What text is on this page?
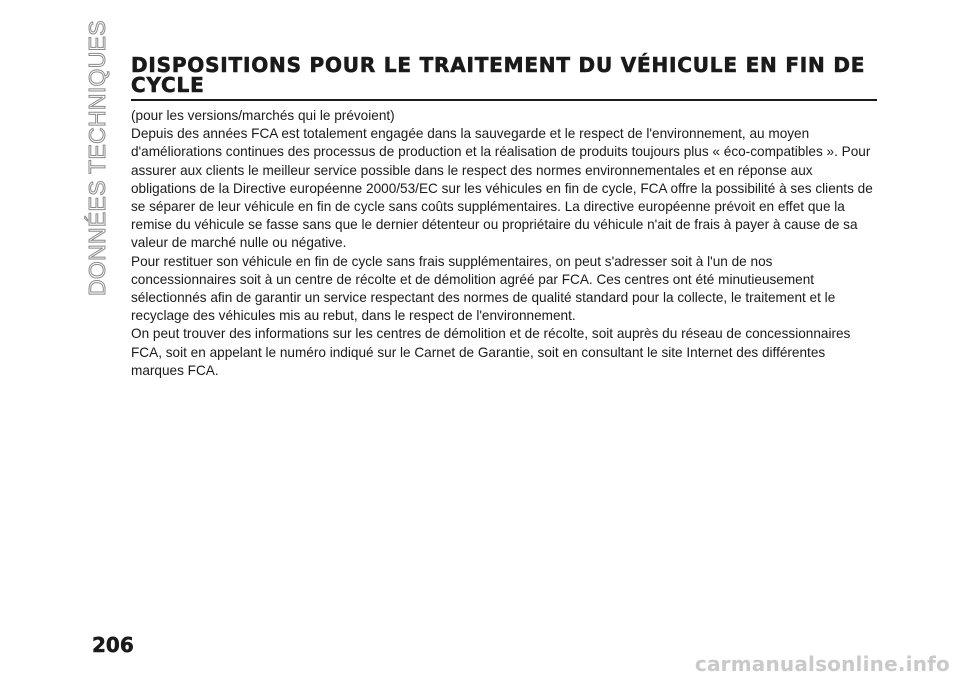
DONNÉES TECHNIQUES DISPOSITIONS POUR LE TRAITEMENT DU VÉHICULE EN FIN DE CYCLE

(pour les versions/marchés qui le prévoient)

Depuis des années FCA est totalement engagée dans la sauvegarde et le respect de l'environnement, au moyen d'améliorations continues des processus de production et la réalisation de produits toujours plus « éco-compatibles ». Pour assurer aux clients le meilleur service possible dans le respect des normes environnementales et en réponse aux obligations de la Directive européenne 2000/53/EC sur les véhicules en fin de cycle, FCA offre la possibilité à ses clients de se séparer de leur véhicule en fin de cycle sans coûts supplémentaires. La directive européenne prévoit en effet que la remise du véhicule se fasse sans que le dernier détenteur ou propriétaire du véhicule n'ait de frais à payer à cause de sa valeur de marché nulle ou négative.

Pour restituer son véhicule en fin de cycle sans frais supplémentaires, on peut s'adresser soit à l'un de nos concessionnaires soit à un centre de récolte et de démolition agréé par FCA. Ces centres ont été minutieusement sélectionnés afin de garantir un service respectant des normes de qualité standard pour la collecte, le traitement et le recyclage des véhicules mis au rebut, dans le respect de l'environnement.

On peut trouver des informations sur les centres de démolition et de récolte, soit auprès du réseau de concessionnaires FCA, soit en appelant le numéro indiqué sur le Carnet de Garantie, soit en consultant le site Internet des différentes marques FCA.

206
carmanualsonline.info
